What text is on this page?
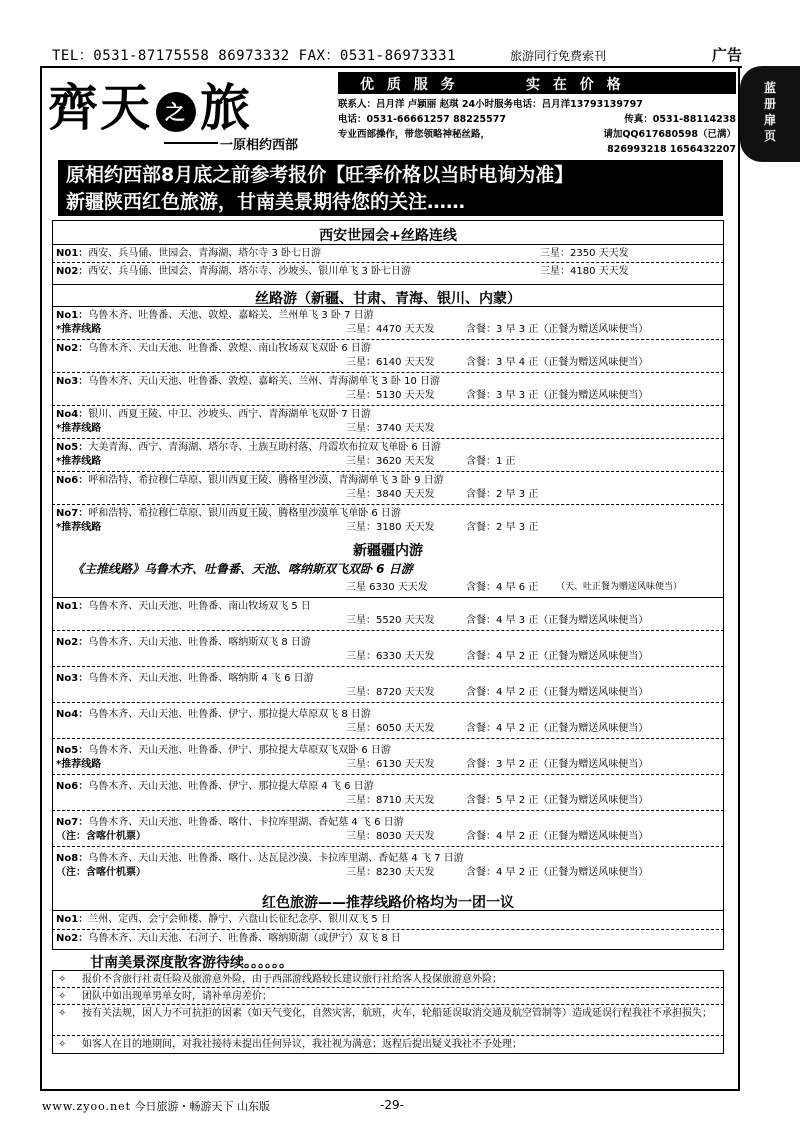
TEL：0531-87175558 86973332 FAX：0531-86973331	旅游同行免费索刊	广告
蓝
册
扉
页
齊天 之 旅
一原相约西部
优 质 服 务	实 在 价 格
联系人：吕月洋 卢颖丽 赵琪 24小时服务电话：吕月洋13793139797
电话：0531-66661257 88225577	传真：0531-88114238
专业西部操作，带您领略神秘丝路，	请加QQ617680598（已满）
826993218 1656432207
原相约西部8月底之前参考报价【旺季价格以当时电询为准】
新疆陕西红色旅游，甘南美景期待您的关注……
西安世园会+丝路连线
N01：西安、兵马俑、世园会、青海湖、塔尔寺 3 卧七日游	三星：2350 天天发
N02：西安、兵马俑、世园会、青海湖、塔尔寺、沙坡头、银川单飞 3 卧七日游	三星：4180 天天发
丝路游（新疆、甘肃、青海、银川、内蒙）
No1：乌鲁木齐、吐鲁番、天池、敦煌、嘉峪关、兰州单飞 3 卧 7 日游
*推荐线路	三星：4470 天天发	含餐：3 早 3 正（正餐为赠送风味便当）
No2：乌鲁木齐、天山天池、吐鲁番、敦煌、南山牧场双飞双卧 6 日游
三星：6140 天天发	含餐：3 早 4 正（正餐为赠送风味便当）
No3：乌鲁木齐、天山天池、吐鲁番、敦煌、嘉峪关、兰州、青海湖单飞 3 卧 10 日游
三星：5130 天天发	含餐：3 早 3 正（正餐为赠送风味便当）
No4：银川、西夏王陵、中卫、沙坡头、西宁、青海湖单飞双卧 7 日游
*推荐线路	三星：3740 天天发
No5：大美青海、西宁、青海湖、塔尔寺、土族互助村落、丹霞坎布拉双飞单卧 6 日游
*推荐线路	三星：3620 天天发	含餐：1 正
No6：呼和浩特、希拉穆仁草原、银川西夏王陵、腾格里沙漠、青海湖单飞 3 卧 9 日游
三星：3840 天天发	含餐：2 早 3 正
No7：呼和浩特、希拉穆仁草原、银川西夏王陵、腾格里沙漠单飞单卧 6 日游
*推荐线路	三星：3180 天天发	含餐：2 早 3 正
新疆疆内游
《主推线路》乌鲁木齐、吐鲁番、天池、喀纳斯双飞双卧 6 日游
三星 6330 天天发	含餐：4 早 6 正 （天、吐正餐为赠送风味便当）
No1：乌鲁木齐、天山天池、吐鲁番、南山牧场双飞 5 日
三星：5520 天天发	含餐：4 早 3 正（正餐为赠送风味便当）
No2：乌鲁木齐、天山天池、吐鲁番、喀纳斯双飞 8 日游
三星：6330 天天发	含餐：4 早 2 正（正餐为赠送风味便当）
No3：乌鲁木齐、天山天池、吐鲁番、喀纳斯 4 飞 6 日游
三星：8720 天天发	含餐：4 早 2 正（正餐为赠送风味便当）
No4：乌鲁木齐、天山天池、吐鲁番、伊宁、那拉提大草原双飞 8 日游
三星：6050 天天发	含餐：4 早 2 正（正餐为赠送风味便当）
No5：乌鲁木齐、天山天池、吐鲁番、伊宁、那拉提大草原双飞双卧 6 日游
*推荐线路	三星：6130 天天发	含餐：3 早 2 正（正餐为赠送风味便当）
No6：乌鲁木齐、天山天池、吐鲁番、伊宁、那拉提大草原 4 飞 6 日游
三星：8710 天天发	含餐：5 早 2 正（正餐为赠送风味便当）
No7：乌鲁木齐、天山天池、吐鲁番、喀什、卡拉库里湖、香妃墓 4 飞 6 日游
（注：含喀什机票）	三星：8030 天天发	含餐：4 早 2 正（正餐为赠送风味便当）
No8：乌鲁木齐、天山天池、吐鲁番、喀什、达瓦昆沙漠、卡拉库里湖、香妃墓 4 飞 7 日游
（注：含喀什机票）	三星：8230 天天发	含餐：4 早 2 正（正餐为赠送风味便当）
红色旅游——推荐线路价格均为一团一议
No1：兰州、定西、会宁会师楼、静宁、六盘山长征纪念亭、银川双飞 5 日
No2：乌鲁木齐、天山天池、石河子、吐鲁番、喀纳斯湖（或伊宁）双飞 8 日
甘南美景深度散客游待续。。。。。。
✧ 报价不含旅行社责任险及旅游意外险，由于西部游线路较长建议旅行社给客人投保旅游意外险；
✧ 团队中如出现单男单女时，请补单房差价；
✧ 按有关法规，因人力不可抗拒的因素（如天气变化，自然灾害，航班，火车，轮船延误取消交通及航空管制等）造成延误行程我社不承担损失；
✧ 如客人在目的地期间，对我社接待未提出任何异议，我社视为满意；返程后提出疑义我社不予处理；
www.zyoo.net 今日旅游・畅游天下 山东版	-29-
